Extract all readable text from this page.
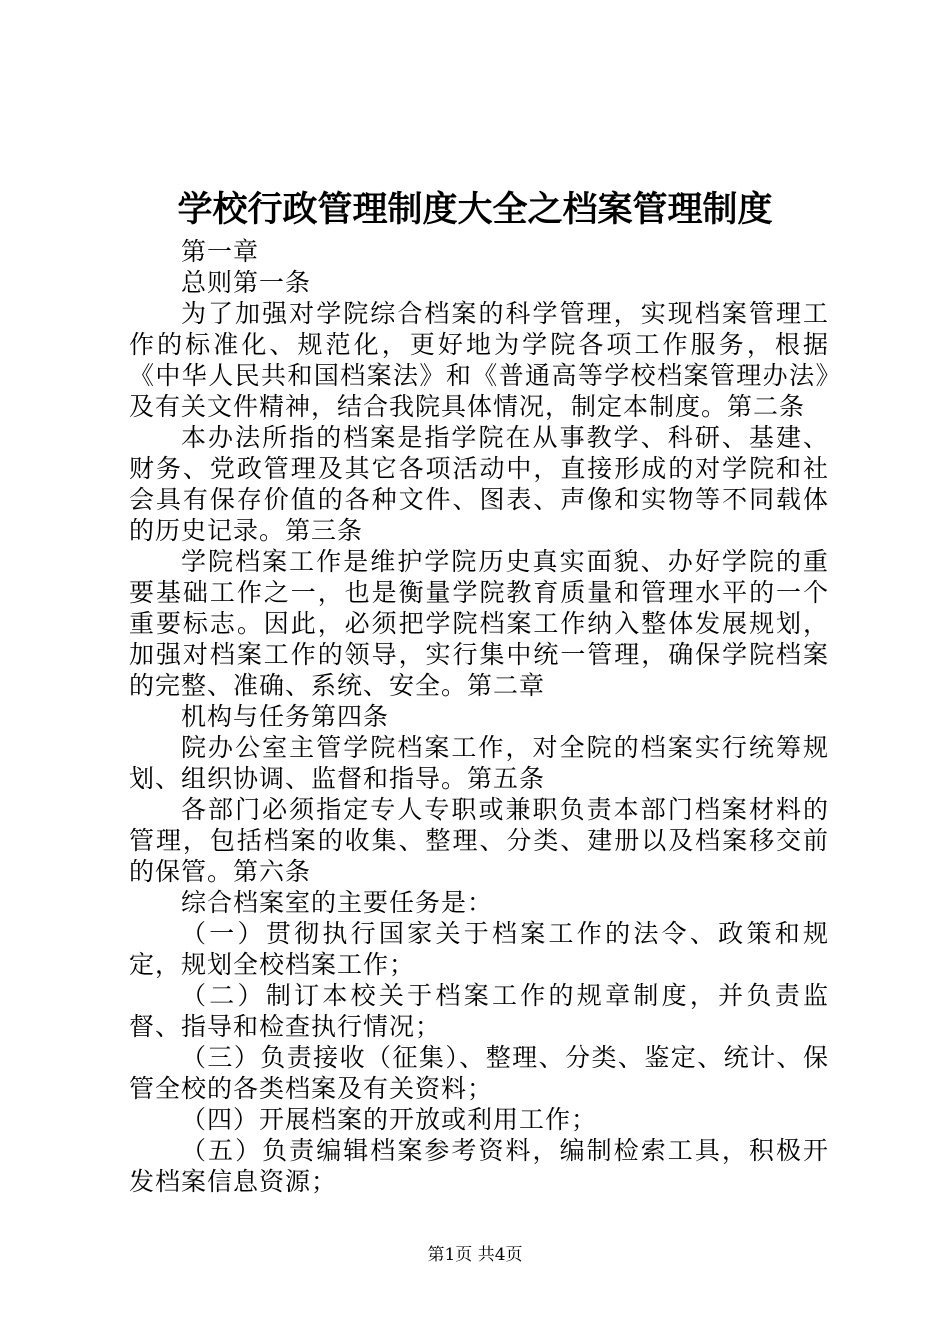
学校行政管理制度大全之档案管理制度

第一章

总则第一条

为了加强对学院综合档案的科学管理，实现档案管理工作的标准化、规范化，更好地为学院各项工作服务，根据《中华人民共和国档案法》和《普通高等学校档案管理办法》及有关文件精神，结合我院具体情况，制定本制度。第二条

本办法所指的档案是指学院在从事教学、科研、基建、财务、党政管理及其它各项活动中，直接形成的对学院和社会具有保存价值的各种文件、图表、声像和实物等不同载体的历史记录。第三条

学院档案工作是维护学院历史真实面貌、办好学院的重要基础工作之一，也是衡量学院教育质量和管理水平的一个重要标志。因此，必须把学院档案工作纳入整体发展规划，加强对档案工作的领导，实行集中统一管理，确保学院档案的完整、准确、系统、安全。第二章

机构与任务第四条

院办公室主管学院档案工作，对全院的档案实行统筹规划、组织协调、监督和指导。第五条

各部门必须指定专人专职或兼职负责本部门档案材料的管理，包括档案的收集、整理、分类、建册以及档案移交前的保管。第六条

综合档案室的主要任务是：

（一）贯彻执行国家关于档案工作的法令、政策和规定，规划全校档案工作；

（二）制订本校关于档案工作的规章制度，并负责监督、指导和检查执行情况；

（三）负责接收（征集）、整理、分类、鉴定、统计、保管全校的各类档案及有关资料；

（四）开展档案的开放或利用工作；

（五）负责编辑档案参考资料，编制检索工具，积极开发档案信息资源；

第1页 共4页
